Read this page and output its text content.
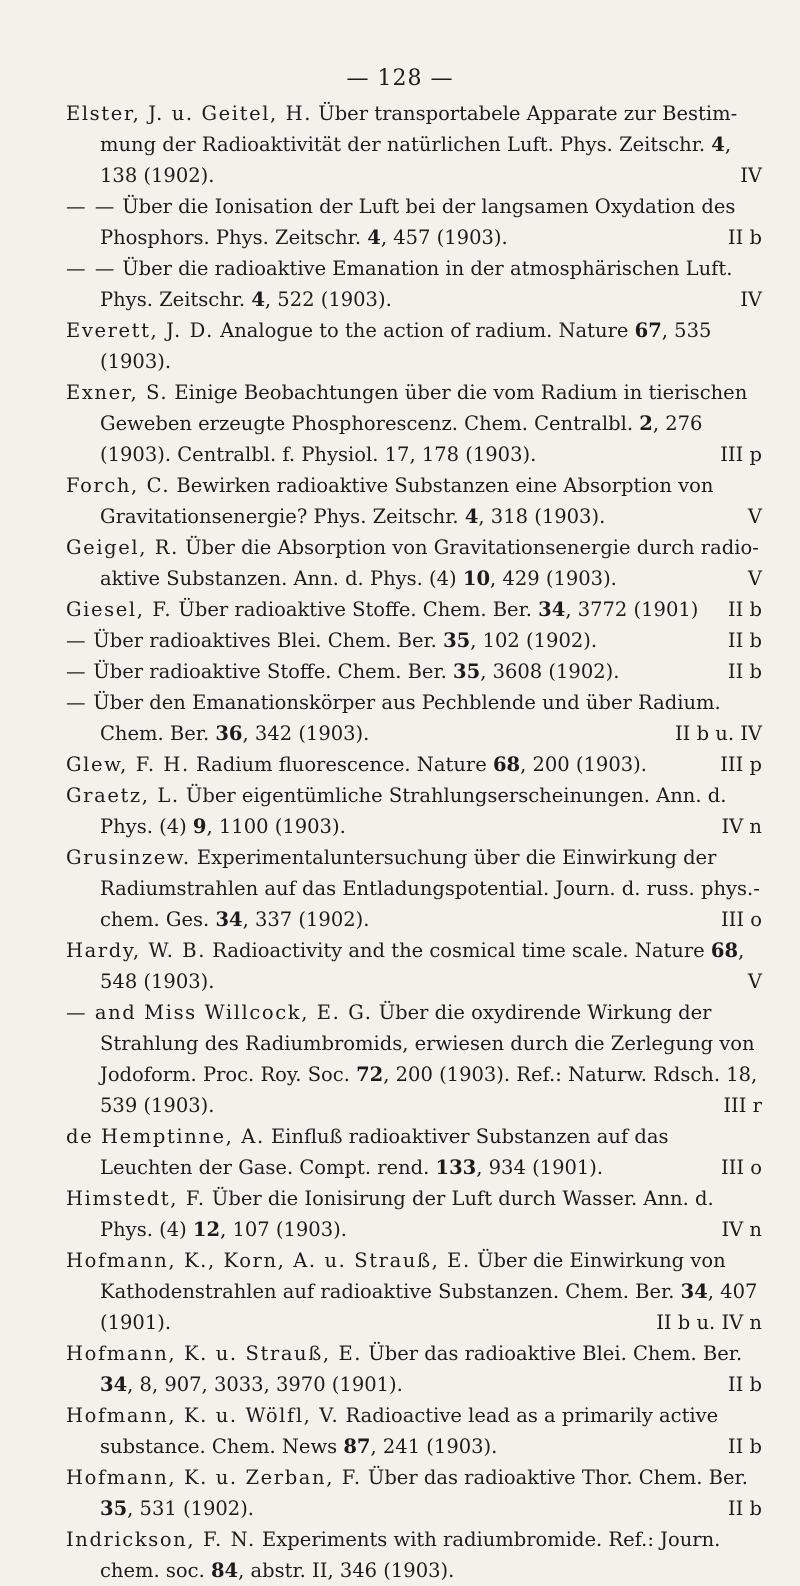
— 128 —

Elster, J. u. Geitel, H. Über transportabele Apparate zur Bestimmung der Radioaktivität der natürlichen Luft. Phys. Zeitschr. 4, 138 (1902).	IV

— — Über die Ionisation der Luft bei der langsamen Oxydation des Phosphors. Phys. Zeitschr. 4, 457 (1903).	II b

— — Über die radioaktive Emanation in der atmosphärischen Luft. Phys. Zeitschr. 4, 522 (1903).	IV

Everett, J. D. Analogue to the action of radium. Nature 67, 535 (1903).

Exner, S. Einige Beobachtungen über die vom Radium in tierischen Geweben erzeugte Phosphorescenz. Chem. Centralbl. 2, 276 (1903). Centralbl. f. Physiol. 17, 178 (1903).	III p

Forch, C. Bewirken radioaktive Substanzen eine Absorption von Gravitationsenergie? Phys. Zeitschr. 4, 318 (1903).	V

Geigel, R. Über die Absorption von Gravitationsenergie durch radioaktive Substanzen. Ann. d. Phys. (4) 10, 429 (1903).	V

Giesel, F. Über radioaktive Stoffe. Chem. Ber. 34, 3772 (1901)	II b

— Über radioaktives Blei. Chem. Ber. 35, 102 (1902).	II b

— Über radioaktive Stoffe. Chem. Ber. 35, 3608 (1902).	II b

— Über den Emanationskörper aus Pechblende und über Radium. Chem. Ber. 36, 342 (1903).	II b u. IV

Glew, F. H. Radium fluorescence. Nature 68, 200 (1903).	III p

Graetz, L. Über eigentümliche Strahlungserscheinungen. Ann. d. Phys. (4) 9, 1100 (1903).	IV n

Grusinzew. Experimentaluntersuchung über die Einwirkung der Radiumstrahlen auf das Entladungspotential. Journ. d. russ. phys.-chem. Ges. 34, 337 (1902).	III o

Hardy, W. B. Radioactivity and the cosmical time scale. Nature 68, 548 (1903).	V

— and Miss Willcock, E. G. Über die oxydirende Wirkung der Strahlung des Radiumbromids, erwiesen durch die Zerlegung von Jodoform. Proc. Roy. Soc. 72, 200 (1903). Ref.: Naturw. Rdsch. 18, 539 (1903).	III r

de Hemptinne, A. Einfluß radioaktiver Substanzen auf das Leuchten der Gase. Compt. rend. 133, 934 (1901).	III o

Himstedt, F. Über die Ionisirung der Luft durch Wasser. Ann. d. Phys. (4) 12, 107 (1903).	IV n

Hofmann, K., Korn, A. u. Strauß, E. Über die Einwirkung von Kathodenstrahlen auf radioaktive Substanzen. Chem. Ber. 34, 407 (1901).	II b u. IV n

Hofmann, K. u. Strauß, E. Über das radioaktive Blei. Chem. Ber. 34, 8, 907, 3033, 3970 (1901).	II b

Hofmann, K. u. Wölfl, V. Radioactive lead as a primarily active substance. Chem. News 87, 241 (1903).	II b

Hofmann, K. u. Zerban, F. Über das radioaktive Thor. Chem. Ber. 35, 531 (1902).	II b

Indrickson, F. N. Experiments with radiumbromide. Ref.: Journ. chem. soc. 84, abstr. II, 346 (1903).
